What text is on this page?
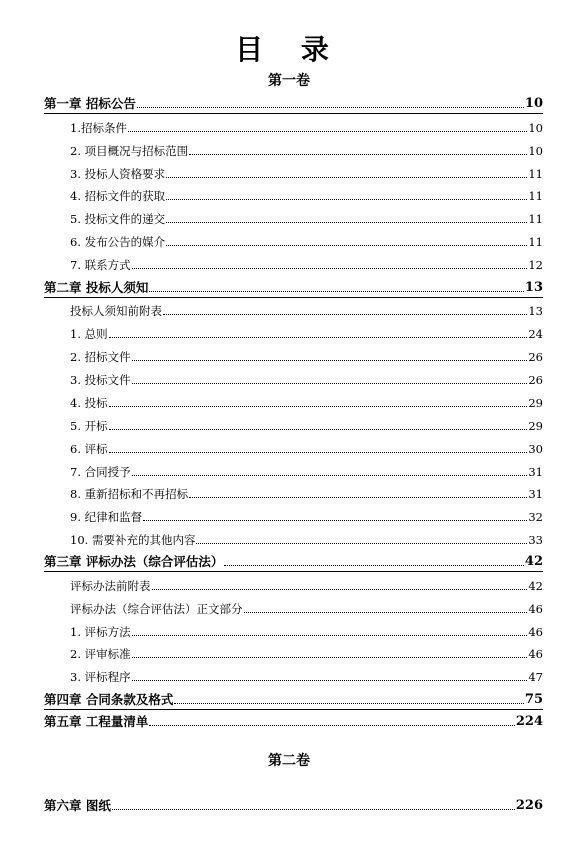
目 录
第一卷
第一章 招标公告	10
1.招标条件	10
2. 项目概况与招标范围	10
3. 投标人资格要求	11
4. 招标文件的获取	11
5. 投标文件的递交	11
6. 发布公告的媒介	11
7. 联系方式	12
第二章 投标人须知	13
投标人须知前附表	13
1. 总则	24
2. 招标文件	26
3. 投标文件	26
4. 投标	29
5. 开标	29
6. 评标	30
7. 合同授予	31
8. 重新招标和不再招标	31
9. 纪律和监督	32
10. 需要补充的其他内容	33
第三章 评标办法（综合评估法）	42
评标办法前附表	42
评标办法（综合评估法）正文部分	46
1. 评标方法	46
2. 评审标准	46
3. 评标程序	47
第四章 合同条款及格式	75
第五章 工程量清单	224
第六章 图纸	226
第二卷
